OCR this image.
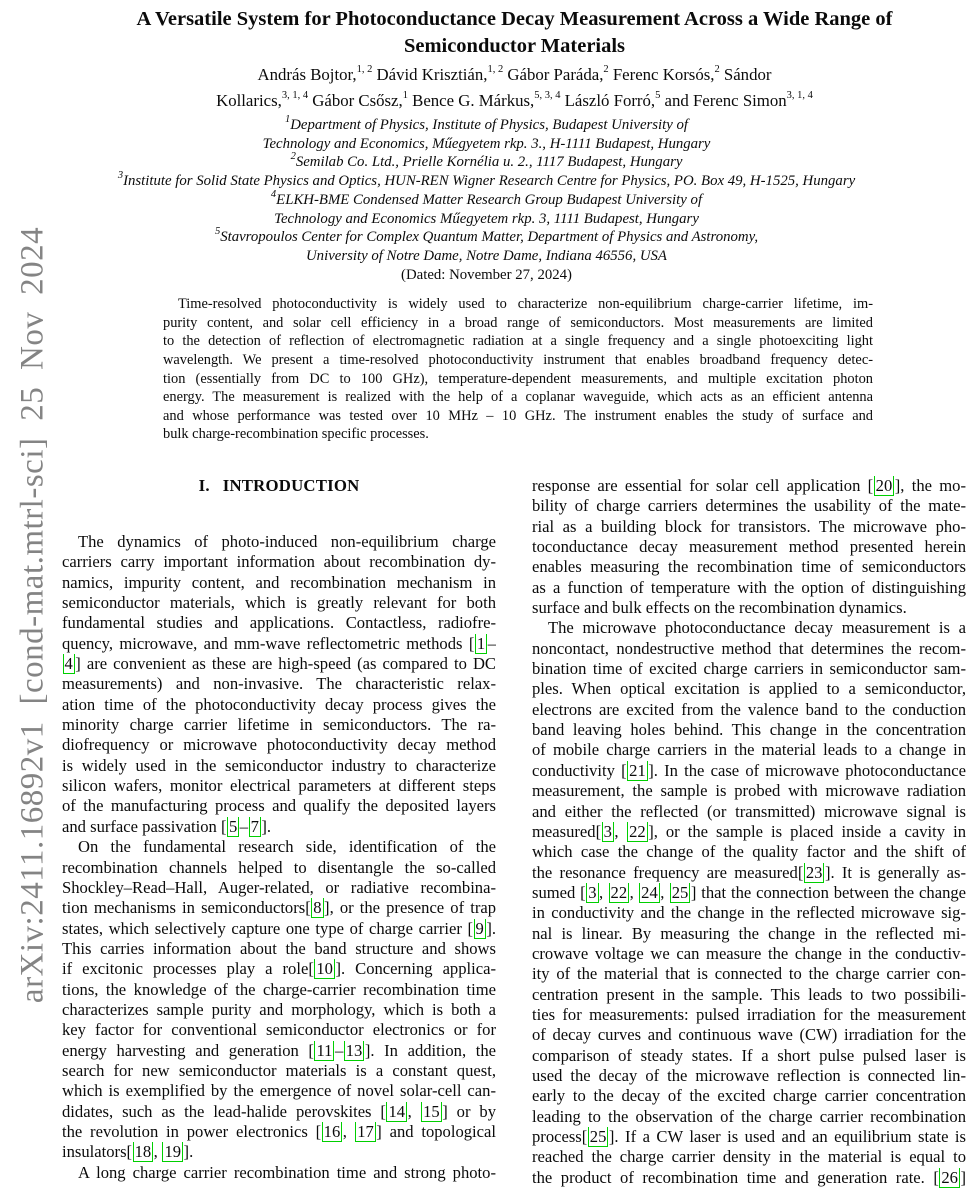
arXiv:2411.16892v1 [cond-mat.mtrl-sci] 25 Nov 2024
A Versatile System for Photoconductance Decay Measurement Across a Wide Range of
Semiconductor Materials
András Bojtor,$^{1, 2}$ Dávid Krisztián,$^{1, 2}$ Gábor Paráda,$^2$ Ferenc Korsós,$^2$ Sándor
Kollarics,$^{3, 1, 4}$ Gábor Csősz,$^1$ Bence G. Márkus,$^{5, 3, 4}$ László Forró,$^5$ and Ferenc Simon$^{3, 1, 4}$
$^1$Department of Physics, Institute of Physics, Budapest University of
Technology and Economics, Műegyetem rkp. 3., H-1111 Budapest, Hungary
$^2$Semilab Co. Ltd., Prielle Kornélia u. 2., 1117 Budapest, Hungary
$^3$Institute for Solid State Physics and Optics, HUN-REN Wigner Research Centre for Physics, PO. Box 49, H-1525, Hungary
$^4$ELKH-BME Condensed Matter Research Group Budapest University of
Technology and Economics Műegyetem rkp. 3, 1111 Budapest, Hungary
$^5$Stavropoulos Center for Complex Quantum Matter, Department of Physics and Astronomy,
University of Notre Dame, Notre Dame, Indiana 46556, USA
(Dated: November 27, 2024)
Time-resolved photoconductivity is widely used to characterize non-equilibrium charge-carrier lifetime, im-
purity content, and solar cell efficiency in a broad range of semiconductors. Most measurements are limited
to the detection of reflection of electromagnetic radiation at a single frequency and a single photoexciting light
wavelength. We present a time-resolved photoconductivity instrument that enables broadband frequency detec-
tion (essentially from DC to 100 GHz), temperature-dependent measurements, and multiple excitation photon
energy. The measurement is realized with the help of a coplanar waveguide, which acts as an efficient antenna
and whose performance was tested over 10 MHz – 10 GHz. The instrument enables the study of surface and
bulk charge-recombination specific processes.
I. INTRODUCTION
The dynamics of photo-induced non-equilibrium charge
carriers carry important information about recombination dy-
namics, impurity content, and recombination mechanism in
semiconductor materials, which is greatly relevant for both
fundamental studies and applications. Contactless, radiofre-
quency, microwave, and mm-wave reflectometric methods [ 1 –
4 ] are convenient as these are high-speed (as compared to DC
measurements) and non-invasive. The characteristic relax-
ation time of the photoconductivity decay process gives the
minority charge carrier lifetime in semiconductors. The ra-
diofrequency or microwave photoconductivity decay method
is widely used in the semiconductor industry to characterize
silicon wafers, monitor electrical parameters at different steps
of the manufacturing process and qualify the deposited layers
and surface passivation [ 5 – 7 ].
On the fundamental research side, identification of the
recombination channels helped to disentangle the so-called
Shockley–Read–Hall, Auger-related, or radiative recombina-
tion mechanisms in semiconductors[ 8 ], or the presence of trap
states, which selectively capture one type of charge carrier [ 9 ].
This carries information about the band structure and shows
if excitonic processes play a role[ 10 ]. Concerning applica-
tions, the knowledge of the charge-carrier recombination time
characterizes sample purity and morphology, which is both a
key factor for conventional semiconductor electronics or for
energy harvesting and generation [ 11 – 13 ]. In addition, the
search for new semiconductor materials is a constant quest,
which is exemplified by the emergence of novel solar-cell can-
didates, such as the lead-halide perovskites [ 14 , 15 ] or by
the revolution in power electronics [ 16 , 17 ] and topological
insulators[ 18 , 19 ].
A long charge carrier recombination time and strong photo-
response are essential for solar cell application [ 20 ], the mo-
bility of charge carriers determines the usability of the mate-
rial as a building block for transistors. The microwave pho-
toconductance decay measurement method presented herein
enables measuring the recombination time of semiconductors
as a function of temperature with the option of distinguishing
surface and bulk effects on the recombination dynamics.
The microwave photoconductance decay measurement is a
noncontact, nondestructive method that determines the recom-
bination time of excited charge carriers in semiconductor sam-
ples. When optical excitation is applied to a semiconductor,
electrons are excited from the valence band to the conduction
band leaving holes behind. This change in the concentration
of mobile charge carriers in the material leads to a change in
conductivity [ 21 ]. In the case of microwave photoconductance
measurement, the sample is probed with microwave radiation
and either the reflected (or transmitted) microwave signal is
measured[ 3 , 22 ], or the sample is placed inside a cavity in
which case the change of the quality factor and the shift of
the resonance frequency are measured[ 23 ]. It is generally as-
sumed [ 3 , 22 , 24 , 25 ] that the connection between the change
in conductivity and the change in the reflected microwave sig-
nal is linear. By measuring the change in the reflected mi-
crowave voltage we can measure the change in the conductiv-
ity of the material that is connected to the charge carrier con-
centration present in the sample. This leads to two possibili-
ties for measurements: pulsed irradiation for the measurement
of decay curves and continuous wave (CW) irradiation for the
comparison of steady states. If a short pulse pulsed laser is
used the decay of the microwave reflection is connected lin-
early to the decay of the excited charge carrier concentration
leading to the observation of the charge carrier recombination
process[ 25 ]. If a CW laser is used and an equilibrium state is
reached the charge carrier density in the material is equal to
the product of recombination time and generation rate. [ 26 ]
